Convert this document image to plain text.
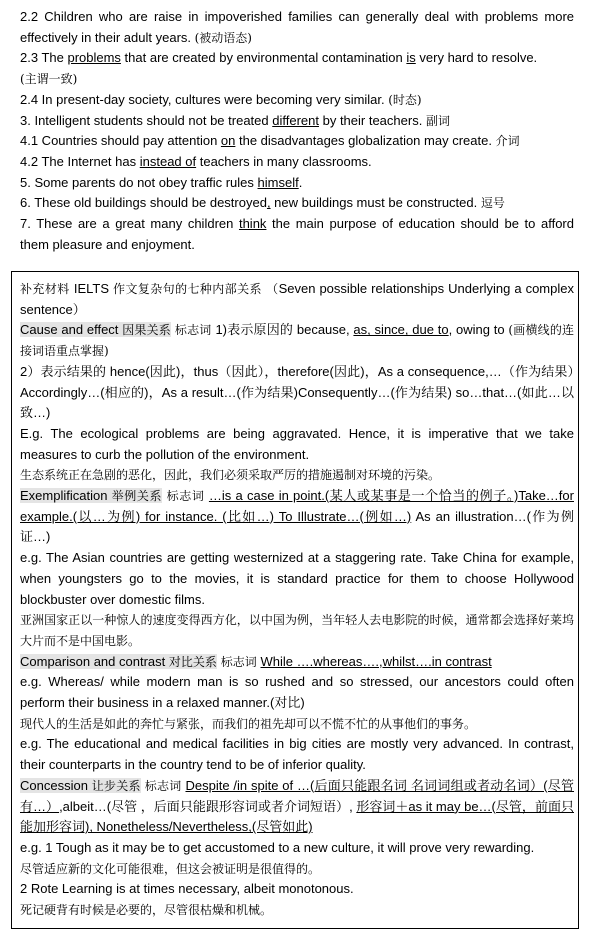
2.2 Children who are raise in impoverished families can generally deal with problems more effectively in their adult years. (被动语态)
2.3 The problems that are created by environmental contamination is very hard to resolve.
(主谓一致)
2.4 In present-day society, cultures were becoming very similar. (时态)
3. Intelligent students should not be treated different by their teachers. 副词
4.1 Countries should pay attention on the disadvantages globalization may create. 介词
4.2 The Internet has instead of teachers in many classrooms.
5. Some parents do not obey traffic rules himself.
6. These old buildings should be destroyed, new buildings must be constructed. 逗号
7. These are a great many children think the main purpose of education should be to afford them pleasure and enjoyment.
补充材料 IELTS 作文复杂句的七种内部关系 （Seven possible relationships Underlying a complex sentence）
Cause and effect 因果关系 标志词 1)表示原因的 because, as, since, due to, owing to (画横线的连接词语重点掌握)
2）表示结果的 hence(因此)，thus（因此），therefore(因此)，As a consequence,…（作为结果）Accordingly…(相应的)，As a result…(作为结果)Consequently…(作为结果) so…that…(如此…以致…)
E.g. The ecological problems are being aggravated. Hence, it is imperative that we take measures to curb the pollution of the environment.
生态系统正在急剧的恶化，因此，我们必须采取严厉的措施遏制对环境的污染。
Exemplification 举例关系 标志词 …is a case in point.(某人或某事是一个恰当的例子。)Take…for example.(以…为例) for instance. (比如…) To Illustrate…(例如…) As an illustration…(作为例证…)
e.g. The Asian countries are getting westernized at a staggering rate. Take China for example, when youngsters go to the movies, it is standard practice for them to choose Hollywood blockbuster over domestic films.
亚洲国家正以一种惊人的速度变得西方化，以中国为例，当年轻人去电影院的时候，通常都会选择好莱坞大片而不是中国电影。
Comparison and contrast 对比关系 标志词 While ….whereas….,whilst….in contrast
e.g. Whereas/ while modern man is so rushed and so stressed, our ancestors could often perform their business in a relaxed manner.(对比)
现代人的生活是如此的奔忙与紧张，而我们的祖先却可以不慌不忙的从事他们的事务。
e.g. The educational and medical facilities in big cities are mostly very advanced. In contrast, their counterparts in the country tend to be of inferior quality.
Concession 让步关系 标志词 Despite /in spite of …(后面只能跟名词 名词词组或者动名词）(尽管有…）,albeit…(尽管 ，后面只能跟形容词或者介词短语）, 形容词＋as it may be…(尽管，前面只能加形容词), Nonetheless/Nevertheless,(尽管如此)
e.g. 1 Tough as it may be to get accustomed to a new culture, it will prove very rewarding.
尽管适应新的文化可能很难，但这会被证明是很值得的。
2 Rote Learning is at times necessary, albeit monotonous.
死记硬背有时候是必要的，尽管很枯燥和机械。
